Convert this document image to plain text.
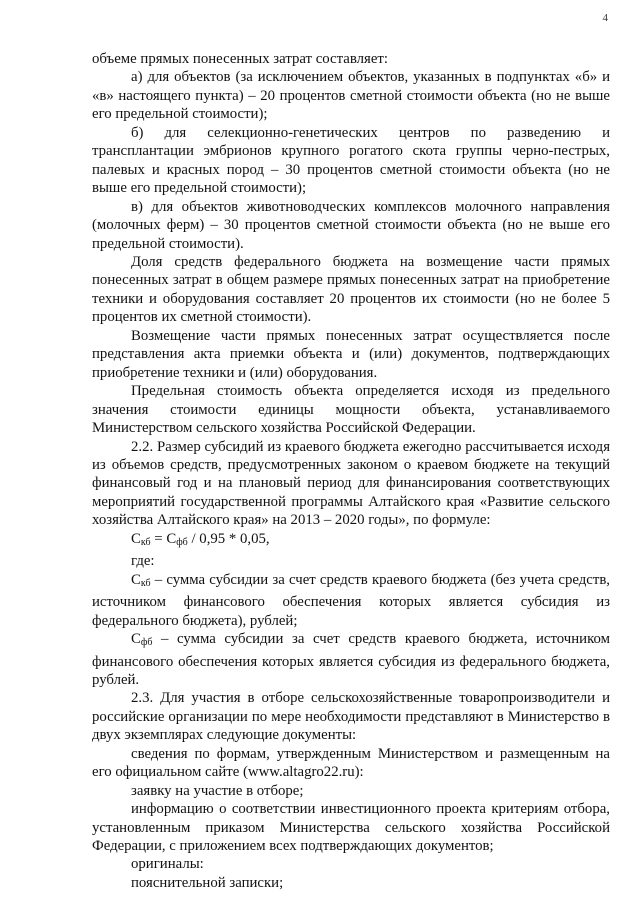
4

объеме прямых понесенных затрат составляет:

а) для объектов (за исключением объектов, указанных в подпунктах «б» и «в» настоящего пункта) – 20 процентов сметной стоимости объекта (но не выше его предельной стоимости);

б) для селекционно-генетических центров по разведению и трансплантации эмбрионов крупного рогатого скота группы черно-пестрых, палевых и красных пород – 30 процентов сметной стоимости объекта (но не выше его предельной стоимости);

в) для объектов животноводческих комплексов молочного направления (молочных ферм) – 30 процентов сметной стоимости объекта (но не выше его предельной стоимости).

Доля средств федерального бюджета на возмещение части прямых понесенных затрат в общем размере прямых понесенных затрат на приобретение техники и оборудования составляет 20 процентов их стоимости (но не более 5 процентов их сметной стоимости).

Возмещение части прямых понесенных затрат осуществляется после представления акта приемки объекта и (или) документов, подтверждающих приобретение техники и (или) оборудования.

Предельная стоимость объекта определяется исходя из предельного значения стоимости единицы мощности объекта, устанавливаемого Министерством сельского хозяйства Российской Федерации.

2.2. Размер субсидий из краевого бюджета ежегодно рассчитывается исходя из объемов средств, предусмотренных законом о краевом бюджете на текущий финансовый год и на плановый период для финансирования соответствующих мероприятий государственной программы Алтайского края «Развитие сельского хозяйства Алтайского края» на 2013 – 2020 годы», по формуле:

$С_{кб} = С_{фб} / 0,95 * 0,05$,

где:

$С_{кб}$ – сумма субсидии за счет средств краевого бюджета (без учета средств, источником финансового обеспечения которых является субсидия из федерального бюджета), рублей;

$С_{фб}$ – сумма субсидии за счет средств краевого бюджета, источником финансового обеспечения которых является субсидия из федерального бюджета, рублей.

2.3. Для участия в отборе сельскохозяйственные товаропроизводители и российские организации по мере необходимости представляют в Министерство в двух экземплярах следующие документы:

сведения по формам, утвержденным Министерством и размещенным на его официальном сайте (www.altagro22.ru):

заявку на участие в отборе;

информацию о соответствии инвестиционного проекта критериям отбора, установленным приказом Министерства сельского хозяйства Российской Федерации, с приложением всех подтверждающих документов;

оригиналы:

пояснительной записки;
